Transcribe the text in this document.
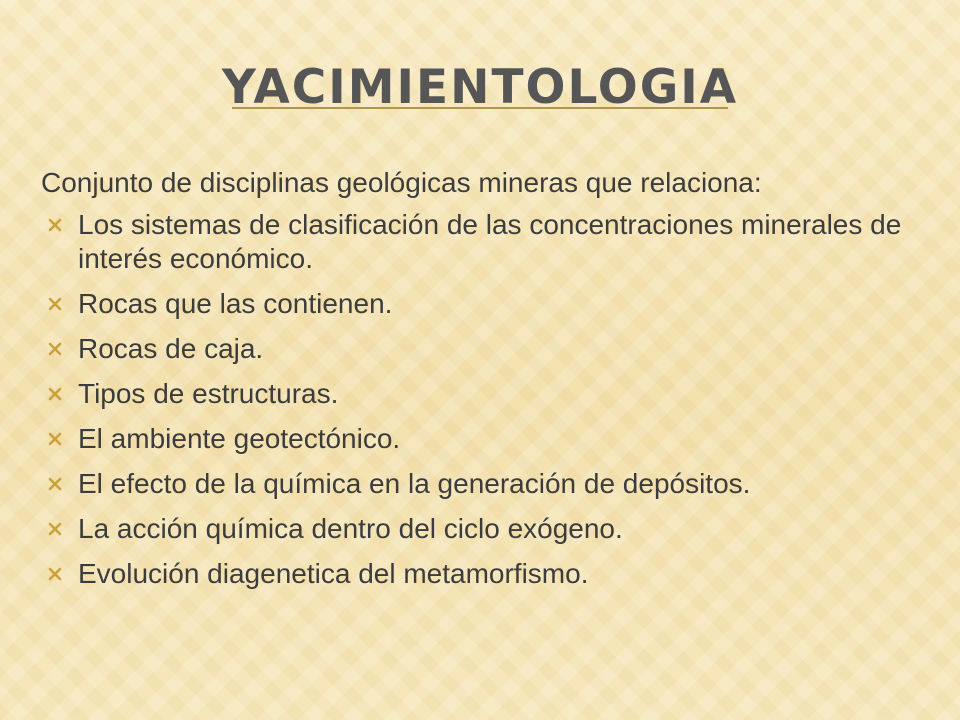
YACIMIENTOLOGIA

Conjunto de disciplinas geológicas mineras que relaciona:

Los sistemas de clasificación de las concentraciones minerales de interés económico.
Rocas que las contienen.
Rocas de caja.
Tipos de estructuras.
El ambiente geotectónico.
El efecto de la química en la generación de depósitos.
La acción química dentro del ciclo exógeno.
Evolución diagenetica del metamorfismo.
